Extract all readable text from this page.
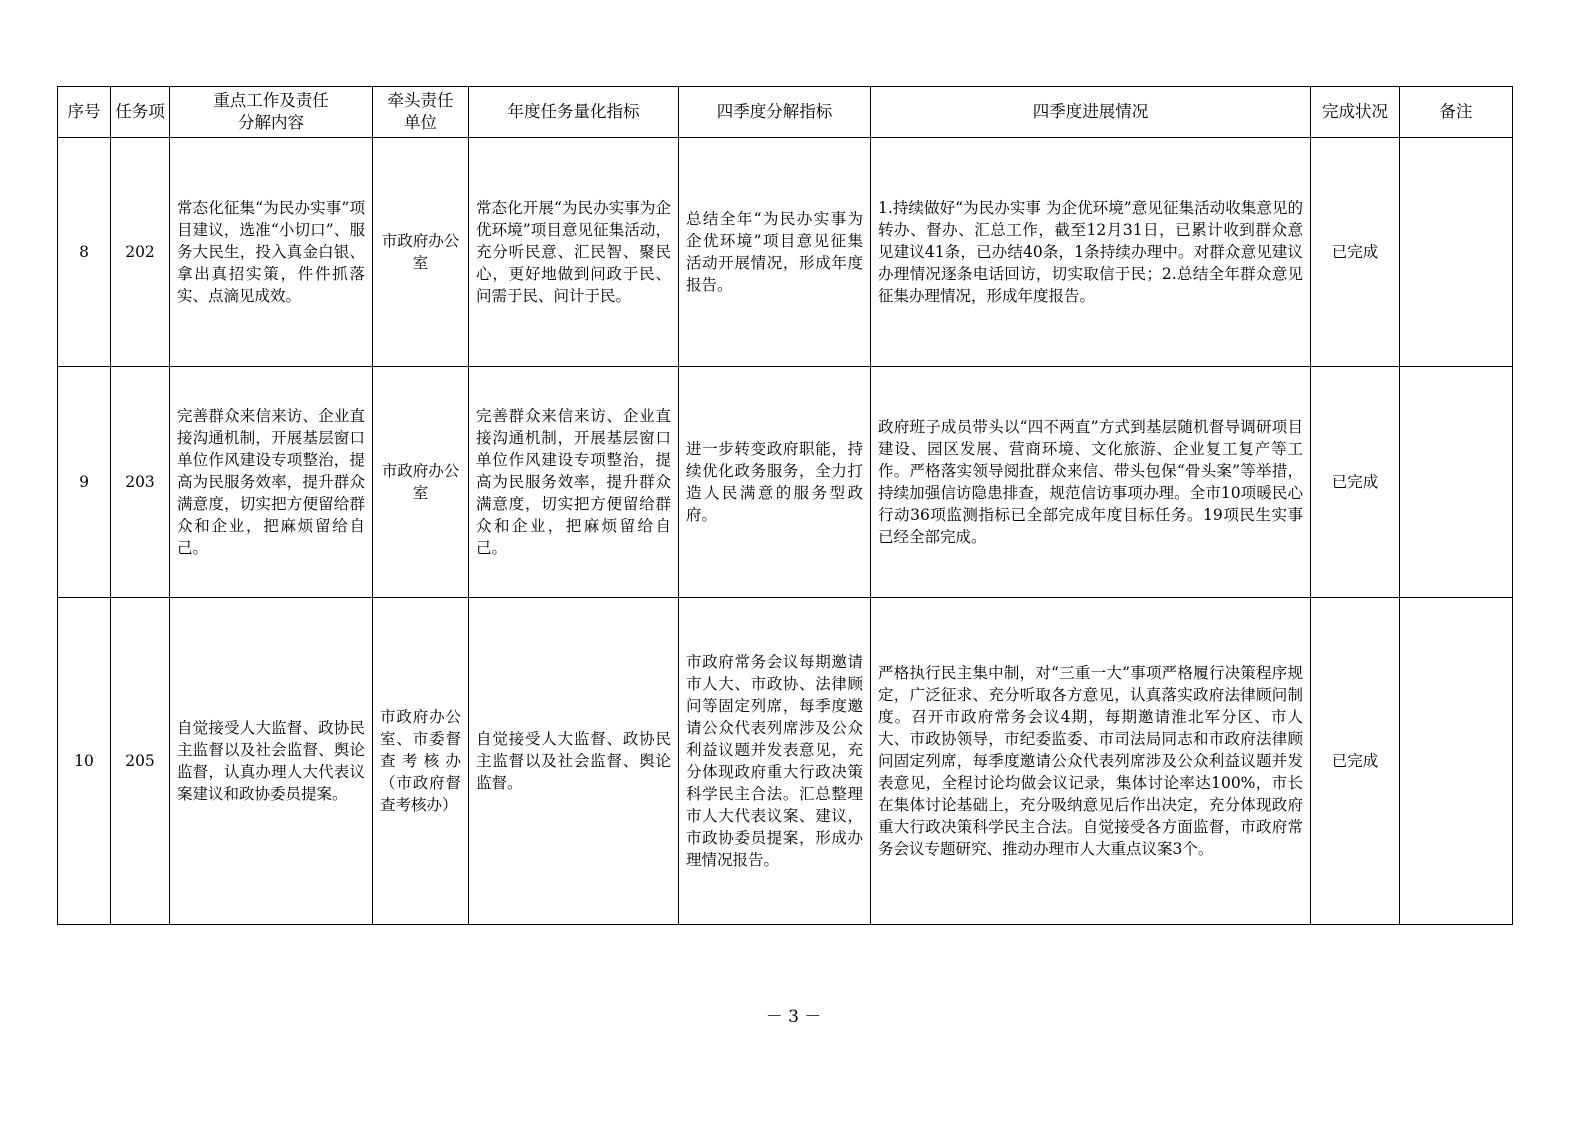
序号	任务项	重点工作及责任分解内容	牵头责任单位	年度任务量化指标	四季度分解指标	四季度进展情况	完成状况	备注
8	202	常态化征集“为民办实事”项目建议，选准“小切口”、服务大民生，投入真金白银、拿出真招实策，件件抓落实、点滴见成效。	市政府办公室	常态化开展“为民办实事为企优环境”项目意见征集活动，充分听民意、汇民智、聚民心，更好地做到问政于民、问需于民、问计于民。	总结全年“为民办实事为企优环境”项目意见征集活动开展情况，形成年度报告。	1.持续做好“为民办实事 为企优环境”意见征集活动收集意见的转办、督办、汇总工作，截至12月31日，已累计收到群众意见建议41条，已办结40条，1条持续办理中。对群众意见建议办理情况逐条电话回访，切实取信于民；2.总结全年群众意见征集办理情况，形成年度报告。	已完成	
9	203	完善群众来信来访、企业直接沟通机制，开展基层窗口单位作风建设专项整治，提高为民服务效率，提升群众满意度，切实把方便留给群众和企业，把麻烦留给自己。	市政府办公室	完善群众来信来访、企业直接沟通机制，开展基层窗口单位作风建设专项整治，提高为民服务效率，提升群众满意度，切实把方便留给群众和企业，把麻烦留给自己。	进一步转变政府职能，持续优化政务服务，全力打造人民满意的服务型政府。	政府班子成员带头以“四不两直”方式到基层随机督导调研项目建设、园区发展、营商环境、文化旅游、企业复工复产等工作。严格落实领导阅批群众来信、带头包保“骨头案”等举措，持续加强信访隐患排查，规范信访事项办理。全市10项暖民心行动36项监测指标已全部完成年度目标任务。19项民生实事已经全部完成。	已完成	
10	205	自觉接受人大监督、政协民主监督以及社会监督、舆论监督，认真办理人大代表议案建议和政协委员提案。	市政府办公室、市委督查考核办（市政府督查考核办）	自觉接受人大监督、政协民主监督以及社会监督、舆论监督。	市政府常务会议每期邀请市人大、市政协、法律顾问等固定列席，每季度邀请公众代表列席涉及公众利益议题并发表意见，充分体现政府重大行政决策科学民主合法。汇总整理市人大代表议案、建议，市政协委员提案，形成办理情况报告。	严格执行民主集中制，对“三重一大”事项严格履行决策程序规定，广泛征求、充分听取各方意见，认真落实政府法律顾问制度。召开市政府常务会议4期，每期邀请淮北军分区、市人大、市政协领导，市纪委监委、市司法局同志和市政府法律顾问固定列席，每季度邀请公众代表列席涉及公众利益议题并发表意见，全程讨论均做会议记录，集体讨论率达100%，市长在集体讨论基础上，充分吸纳意见后作出决定，充分体现政府重大行政决策科学民主合法。自觉接受各方面监督，市政府常务会议专题研究、推动办理市人大重点议案3个。	已完成	
－ 3 －
